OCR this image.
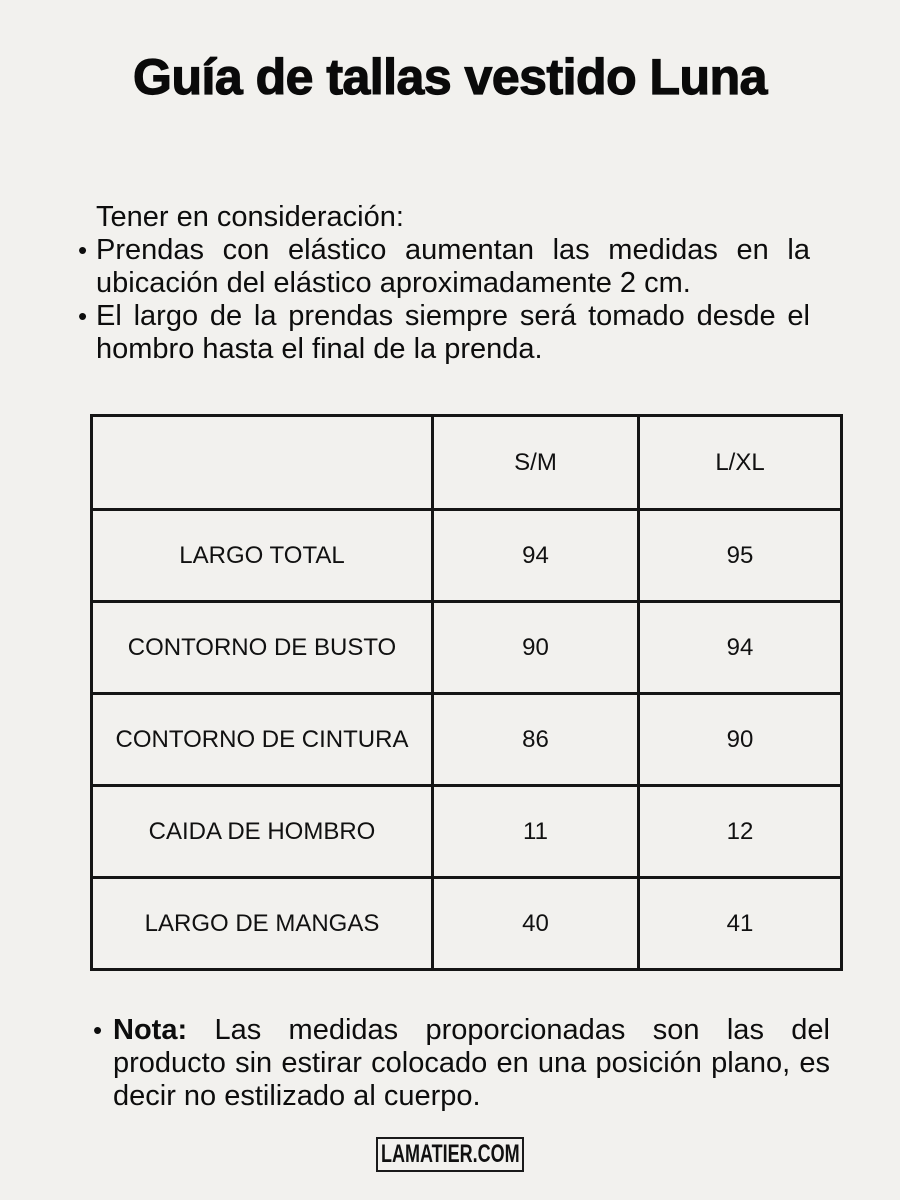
Guía de tallas vestido Luna

Tener en consideración:

• Prendas con elástico aumentan las medidas en la ubicación del elástico aproximadamente 2 cm.
• El largo de la prendas siempre será tomado desde el hombro hasta el final de la prenda.
	S/M	L/XL
LARGO TOTAL	94	95
CONTORNO DE BUSTO	90	94
CONTORNO DE CINTURA	86	90
CAIDA DE HOMBRO	11	12
LARGO DE MANGAS	40	41
• Nota: Las medidas proporcionadas son las del producto sin estirar colocado en una posición plano, es decir no estilizado al cuerpo.
LAMATIER.COM
